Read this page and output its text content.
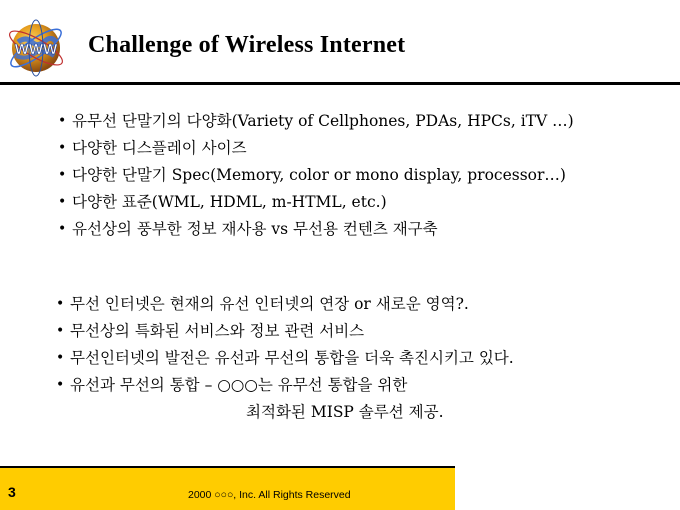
WWW Challenge of Wireless Internet
• 유무선 단말기의 다양화(Variety of Cellphones, PDAs, HPCs, iTV …)
• 다양한 디스플레이 사이즈
• 다양한 단말기 Spec(Memory, color or mono display, processor…)
• 다양한 표준(WML, HDML, m-HTML, etc.)
• 유선상의 풍부한 정보 재사용 vs 무선용 컨텐츠 재구축
• 무선 인터넷은 현재의 유선 인터넷의 연장 or 새로운 영역?.
• 무선상의 특화된 서비스와 정보 관련 서비스
• 무선인터넷의 발전은 유선과 무선의 통합을 더욱 촉진시키고 있다.
• 유선과 무선의 통합 – ○○○는 유무선 통합을 위한
최적화된 MISP 솔루션 제공.
3	2000 ○○○, Inc. All Rights Reserved
